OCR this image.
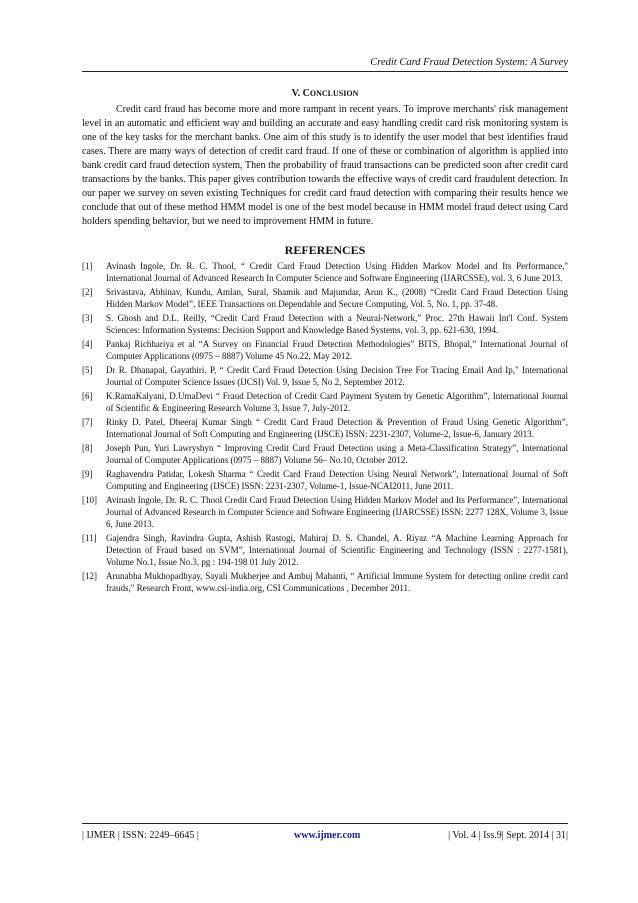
Credit Card Fraud Detection System: A Survey
V. CONCLUSION

Credit card fraud has become more and more rampant in recent years. To improve merchants' risk management level in an automatic and efficient way and building an accurate and easy handling credit card risk monitoring system is one of the key tasks for the merchant banks. One aim of this study is to identify the user model that best identifies fraud cases. There are many ways of detection of credit card fraud. If one of these or combination of algorithm is applied into bank credit card fraud detection system, Then the probability of fraud transactions can be predicted soon after credit card transactions by the banks. This paper gives contribution towards the effective ways of credit card fraudulent detection. In our paper we survey on seven existing Techniques for credit card fraud detection with comparing their results hence we conclude that out of these method HMM model is one of the best model because in HMM model fraud detect using Card holders spending behavior, but we need to improvement HMM in future.

REFERENCES
[1] Avinash Ingole, Dr. R. C. Thool, “ Credit Card Fraud Detection Using Hidden Markov Model and Its Performance," International Journal of Advanced Research In Computer Science and Software Engineering (IJARCSSE), vol. 3, 6 June 2013.
[2] Srivastava, Abhinav, Kundu, Amlan, Sural, Shamik and Majumdar, Arun K., (2008) “Credit Card Fraud Detection Using Hidden Markov Model”, IEEE Transactions on Dependable and Secure Computing, Vol. 5, No. 1, pp. 37-48.
[3] S. Ghosh and D.L. Reilly, “Credit Card Fraud Detection with a Neural-Network,” Proc. 27th Hawaii Int'l Conf. System Sciences: Information Systems: Decision Support and Knowledge Based Systems, vol. 3, pp. 621-630, 1994.
[4] Pankaj Richhariya et al “A Survey on Financial Fraud Detection Methodologies” BITS, Bhopal,” International Journal of Computer Applications (0975 – 8887) Volume 45 No.22, May 2012.
[5] Dr R. Dhanapal, Gayathiri. P, “ Credit Card Fraud Detection Using Decision Tree For Tracing Email And Ip," International Journal of Computer Science Issues (IJCSI) Vol. 9, Issue 5, No 2, September 2012.
[6] K.RamaKalyani, D.UmaDevi “ Fraud Detection of Credit Card Payment System by Genetic Algorithm”, International Journal of Scientific & Engineering Research Volume 3, Issue 7, July-2012.
[7] Rinky D. Patel, Dheeraj Kumar Singh “ Credit Card Fraud Detection & Prevention of Fraud Using Genetic Algorithm”, International Journal of Soft Computing and Engineering (IJSCE) ISSN: 2231-2307, Volume-2, Issue-6, January 2013.
[8] Joseph Pun, Yuri Lawryshyn “ Improving Credit Card Fraud Detection using a Meta-Classification Strategy”, International Journal of Computer Applications (0975 – 8887) Volume 56– No.10, October 2012.
[9] Raghavendra Patidar, Lokesh Sharma “ Credit Card Fraud Detection Using Neural Network”, International Journal of Soft Computing and Engineering (IJSCE) ISSN: 2231-2307, Volume-1, Issue-NCAI2011, June 2011.
[10] Avinash Ingole, Dr. R. C. Thool Credit Card Fraud Detection Using Hidden Markov Model and Its Performance”, International Journal of Advanced Research in Computer Science and Software Engineering (IJARCSSE) ISSN: 2277 128X, Volume 3, Issue 6, June 2013.
[11] Gajendra Singh, Ravindra Gupta, Ashish Rastogi, Mahiraj D. S. Chandel, A. Riyaz “A Machine Learning Approach for Detection of Fraud based on SVM”, International Journal of Scientific Engineering and Technology (ISSN : 2277-1581), Volume No.1, Issue No.3, pg : 194-198 01 July 2012.
[12] Arunabha Mukhopadhyay, Sayali Mukherjee and Ambuj Mahanti, “ Artificial Immune System for detecting online credit card frauds," Research Front, www.csi-india.org, CSI Communications , December 2011.
| IJMER | ISSN: 2249–6645 |	www.ijmer.com	| Vol. 4 | Iss.9| Sept. 2014 | 31|
